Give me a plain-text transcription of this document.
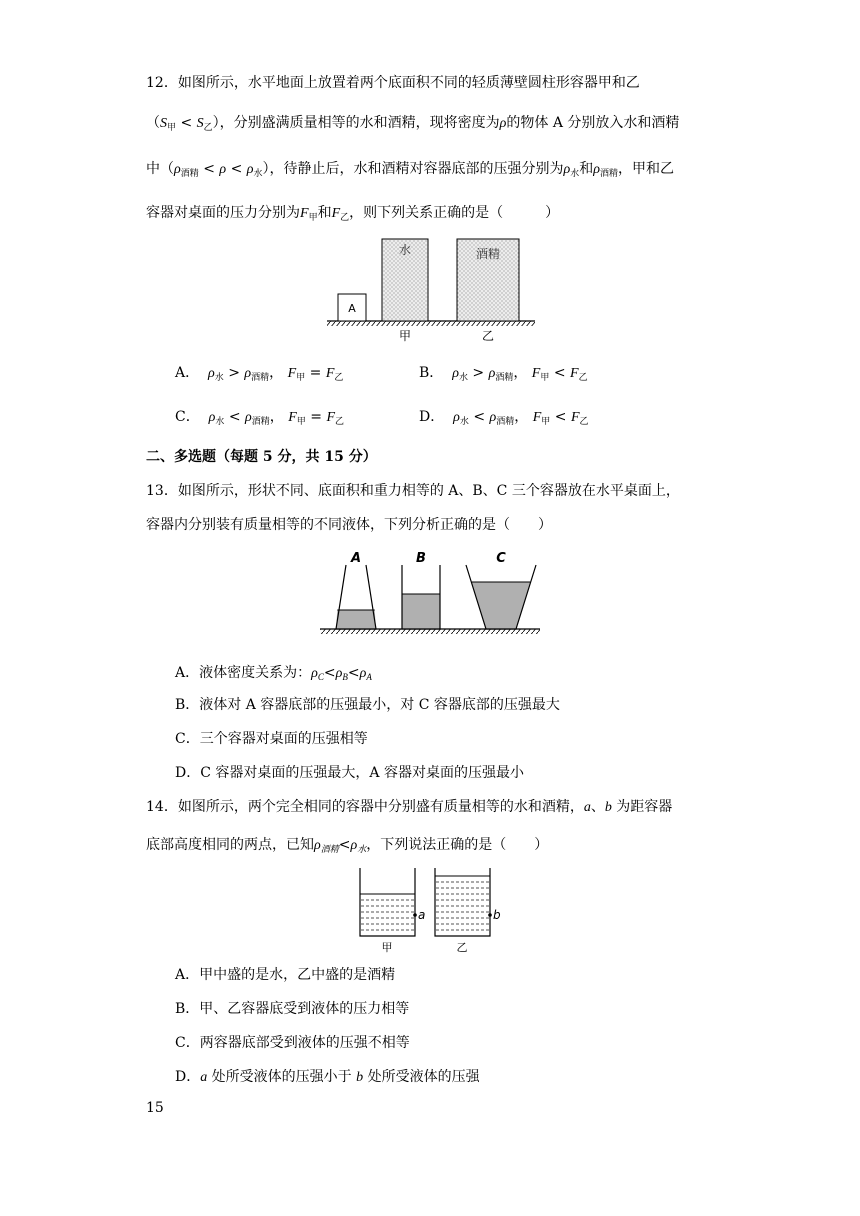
12．如图所示，水平地面上放置着两个底面积不同的轻质薄壁圆柱形容器甲和乙
$(S_甲 < S_乙)$，分别盛满质量相等的水和酒精，现将密度为ρ的物体 A 分别放入水和酒精
中$(\rho_{酒精} < \rho < \rho_水)$，待静止后，水和酒精对容器底部的压强分别为$\rho_水$和$\rho_{酒精}$，甲和乙
容器对桌面的压力分别为$F_甲$和$F_乙$，则下列关系正确的是（　　　）
A
水	酒精
甲	乙
A． $\rho_水 > \rho_{酒精}$， $F_甲 = F_乙$	B． $\rho_水 > \rho_{酒精}$， $F_甲 < F_乙$
C． $\rho_水 < \rho_{酒精}$， $F_甲 = F_乙$	D． $\rho_水 < \rho_{酒精}$， $F_甲 < F_乙$
二、多选题（每题 5 分，共 15 分）
13．如图所示，形状不同、底面积和重力相等的 A、B、C 三个容器放在水平桌面上，
容器内分别装有质量相等的不同液体，下列分析正确的是（　　）
A	B	C
A．液体密度关系为：$\rho_C<\rho_B<\rho_A$
B．液体对 A 容器底部的压强最小，对 C 容器底部的压强最大
C．三个容器对桌面的压强相等
D．C 容器对桌面的压强最大，A 容器对桌面的压强最小
14．如图所示，两个完全相同的容器中分别盛有质量相等的水和酒精，a、b 为距容器
底部高度相同的两点，已知$\rho_{酒精}<\rho_水$，下列说法正确的是（　　）
a	b
甲	乙
A．甲中盛的是水，乙中盛的是酒精
B．甲、乙容器底受到液体的压力相等
C．两容器底部受到液体的压强不相等
D．a 处所受液体的压强小于 b 处所受液体的压强
15
